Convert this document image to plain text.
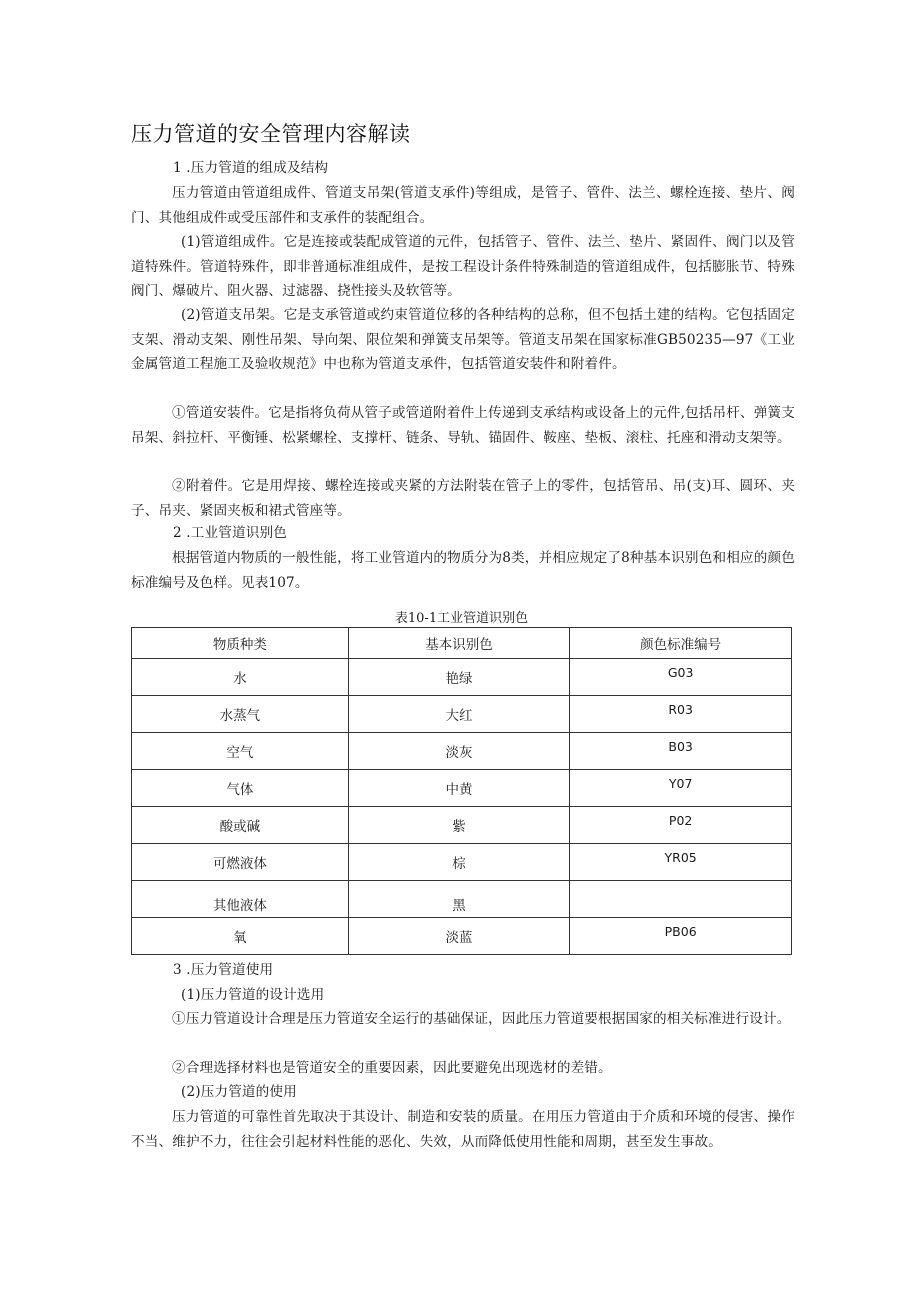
压力管道的安全管理内容解读
1 .压力管道的组成及结构
压力管道由管道组成件、管道支吊架(管道支承件)等组成，是管子、管件、法兰、螺栓连接、垫片、阀门、其他组成件或受压部件和支承件的装配组合。
(1)管道组成件。它是连接或装配成管道的元件，包括管子、管件、法兰、垫片、紧固件、阀门以及管道特殊件。管道特殊件，即非普通标准组成件，是按工程设计条件特殊制造的管道组成件，包括膨胀节、特殊阀门、爆破片、阻火器、过滤器、挠性接头及软管等。
(2)管道支吊架。它是支承管道或约束管道位移的各种结构的总称，但不包括土建的结构。它包括固定支架、滑动支架、刚性吊架、导向架、限位架和弹簧支吊架等。管道支吊架在国家标准GB50235—97《工业金属管道工程施工及验收规范》中也称为管道支承件，包括管道安装件和附着件。
①管道安装件。它是指将负荷从管子或管道附着件上传递到支承结构或设备上的元件,包括吊杆、弹簧支吊架、斜拉杆、平衡锤、松紧螺栓、支撑杆、链条、导轨、锚固件、鞍座、垫板、滚柱、托座和滑动支架等。
②附着件。它是用焊接、螺栓连接或夹紧的方法附装在管子上的零件，包括管吊、吊(支)耳、圆环、夹子、吊夹、紧固夹板和裙式管座等。
2 .工业管道识别色
根据管道内物质的一般性能，将工业管道内的物质分为8类，并相应规定了8种基本识别色和相应的颜色标准编号及色样。见表107。
表10-1工业管道识别色
物质种类	基本识别色	颜色标准编号
水	艳绿	G03
水蒸气	大红	R03
空气	淡灰	B03
气体	中黄	Y07
酸或碱	紫	P02
可燃液体	棕	YR05
其他液体	黑	
氧	淡蓝	PB06
3 .压力管道使用
(1)压力管道的设计选用
①压力管道设计合理是压力管道安全运行的基础保证，因此压力管道要根据国家的相关标准进行设计。
②合理选择材料也是管道安全的重要因素，因此要避免出现选材的差错。
(2)压力管道的使用
压力管道的可靠性首先取决于其设计、制造和安装的质量。在用压力管道由于介质和环境的侵害、操作不当、维护不力，往往会引起材料性能的恶化、失效，从而降低使用性能和周期，甚至发生事故。
